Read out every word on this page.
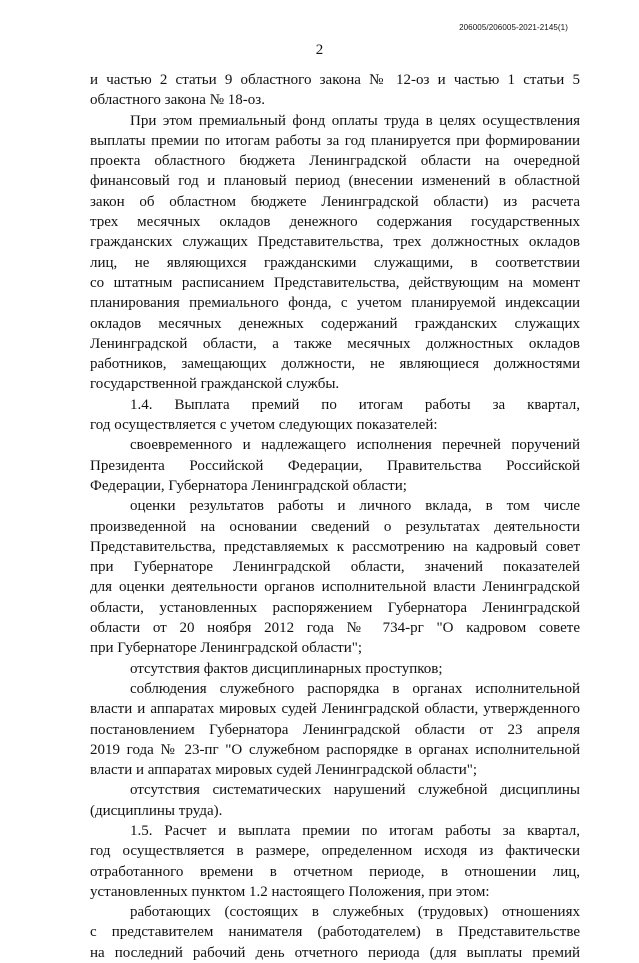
206005/206005-2021-2145(1)
2
и частью 2 статьи 9 областного закона № 12-оз и частью 1 статьи 5
областного закона № 18-оз.
При этом премиальный фонд оплаты труда в целях осуществления
выплаты премии по итогам работы за год планируется при формировании
проекта областного бюджета Ленинградской области на очередной
финансовый год и плановый период (внесении изменений в областной
закон об областном бюджете Ленинградской области) из расчета
трех месячных окладов денежного содержания государственных
гражданских служащих Представительства, трех должностных окладов
лиц, не являющихся гражданскими служащими, в соответствии
со штатным расписанием Представительства, действующим на момент
планирования премиального фонда, с учетом планируемой индексации
окладов месячных денежных содержаний гражданских служащих
Ленинградской области, а также месячных должностных окладов
работников, замещающих должности, не являющиеся должностями
государственной гражданской службы.
1.4. Выплата премий по итогам работы за квартал,
год осуществляется с учетом следующих показателей:
своевременного и надлежащего исполнения перечней поручений
Президента Российской Федерации, Правительства Российской
Федерации, Губернатора Ленинградской области;
оценки результатов работы и личного вклада, в том числе
произведенной на основании сведений о результатах деятельности
Представительства, представляемых к рассмотрению на кадровый совет
при Губернаторе Ленинградской области, значений показателей
для оценки деятельности органов исполнительной власти Ленинградской
области, установленных распоряжением Губернатора Ленинградской
области от 20 ноября 2012 года № 734-рг "О кадровом совете
при Губернаторе Ленинградской области";
отсутствия фактов дисциплинарных проступков;
соблюдения служебного распорядка в органах исполнительной
власти и аппаратах мировых судей Ленинградской области, утвержденного
постановлением Губернатора Ленинградской области от 23 апреля
2019 года № 23-пг "О служебном распорядке в органах исполнительной
власти и аппаратах мировых судей Ленинградской области";
отсутствия систематических нарушений служебной дисциплины
(дисциплины труда).
1.5. Расчет и выплата премии по итогам работы за квартал,
год осуществляется в размере, определенном исходя из фактически
отработанного времени в отчетном периоде, в отношении лиц,
установленных пунктом 1.2 настоящего Положения, при этом:
работающих (состоящих в служебных (трудовых) отношениях
с представителем нанимателя (работодателем) в Представительстве
на последний рабочий день отчетного периода (для выплаты премий
